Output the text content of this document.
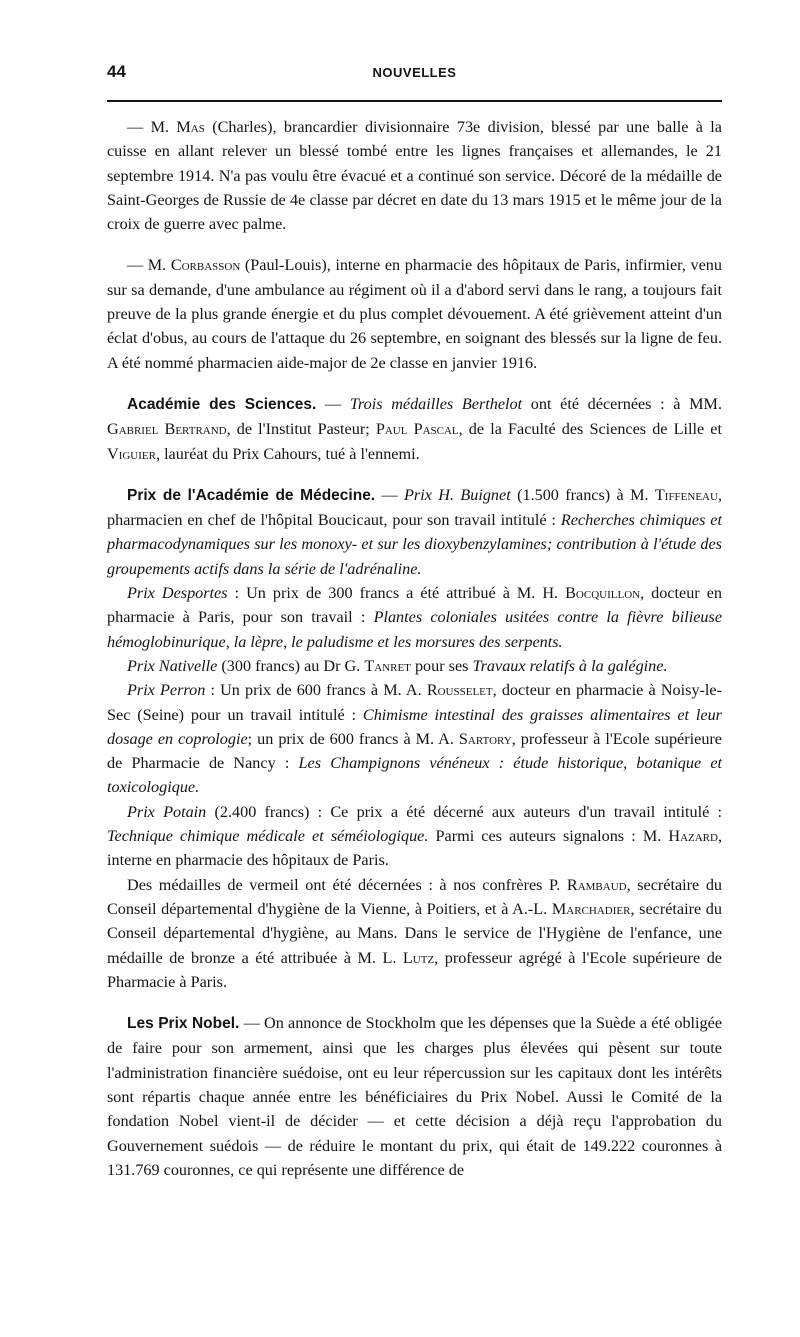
44	NOUVELLES

— M. Mas (Charles), brancardier divisionnaire 73e division, blessé par une balle à la cuisse en allant relever un blessé tombé entre les lignes françaises et allemandes, le 21 septembre 1914. N'a pas voulu être évacué et a continué son service. Décoré de la médaille de Saint-Georges de Russie de 4e classe par décret en date du 13 mars 1915 et le même jour de la croix de guerre avec palme.

— M. Corbasson (Paul-Louis), interne en pharmacie des hôpitaux de Paris, infirmier, venu sur sa demande, d'une ambulance au régiment où il a d'abord servi dans le rang, a toujours fait preuve de la plus grande énergie et du plus complet dévouement. A été grièvement atteint d'un éclat d'obus, au cours de l'attaque du 26 septembre, en soignant des blessés sur la ligne de feu. A été nommé pharmacien aide-major de 2e classe en janvier 1916.

Académie des Sciences. — Trois médailles Berthelot ont été décernées : à MM. Gabriel Bertrand, de l'Institut Pasteur; Paul Pascal, de la Faculté des Sciences de Lille et Viguier, lauréat du Prix Cahours, tué à l'ennemi.

Prix de l'Académie de Médecine. — Prix H. Buignet (1.500 francs) à M. Tiffeneau, pharmacien en chef de l'hôpital Boucicaut, pour son travail intitulé : Recherches chimiques et pharmacodynamiques sur les monoxy- et sur les dioxybenzylamines; contribution à l'étude des groupements actifs dans la série de l'adrénaline.

Prix Desportes : Un prix de 300 francs a été attribué à M. H. Bocquillon, docteur en pharmacie à Paris, pour son travail : Plantes coloniales usitées contre la fièvre bilieuse hémoglobinurique, la lèpre, le paludisme et les morsures des serpents.

Prix Nativelle (300 francs) au Dr G. Tanret pour ses Travaux relatifs à la galégine.

Prix Perron : Un prix de 600 francs à M. A. Rousselet, docteur en pharmacie à Noisy-le-Sec (Seine) pour un travail intitulé : Chimisme intestinal des graisses alimentaires et leur dosage en coprologie; un prix de 600 francs à M. A. Sartory, professeur à l'Ecole supérieure de Pharmacie de Nancy : Les Champignons vénéneux : étude historique, botanique et toxicologique.

Prix Potain (2.400 francs) : Ce prix a été décerné aux auteurs d'un travail intitulé : Technique chimique médicale et séméiologique. Parmi ces auteurs signalons : M. Hazard, interne en pharmacie des hôpitaux de Paris.

Des médailles de vermeil ont été décernées : à nos confrères P. Rambaud, secrétaire du Conseil départemental d'hygiène de la Vienne, à Poitiers, et à A.-L. Marchadier, secrétaire du Conseil départemental d'hygiène, au Mans. Dans le service de l'Hygiène de l'enfance, une médaille de bronze a été attribuée à M. L. Lutz, professeur agrégé à l'Ecole supérieure de Pharmacie à Paris.

Les Prix Nobel. — On annonce de Stockholm que les dépenses que la Suède a été obligée de faire pour son armement, ainsi que les charges plus élevées qui pèsent sur toute l'administration financière suédoise, ont eu leur répercussion sur les capitaux dont les intérêts sont répartis chaque année entre les bénéficiaires du Prix Nobel. Aussi le Comité de la fondation Nobel vient-il de décider — et cette décision a déjà reçu l'approbation du Gouvernement suédois — de réduire le montant du prix, qui était de 149.222 couronnes à 131.769 couronnes, ce qui représente une différence de
